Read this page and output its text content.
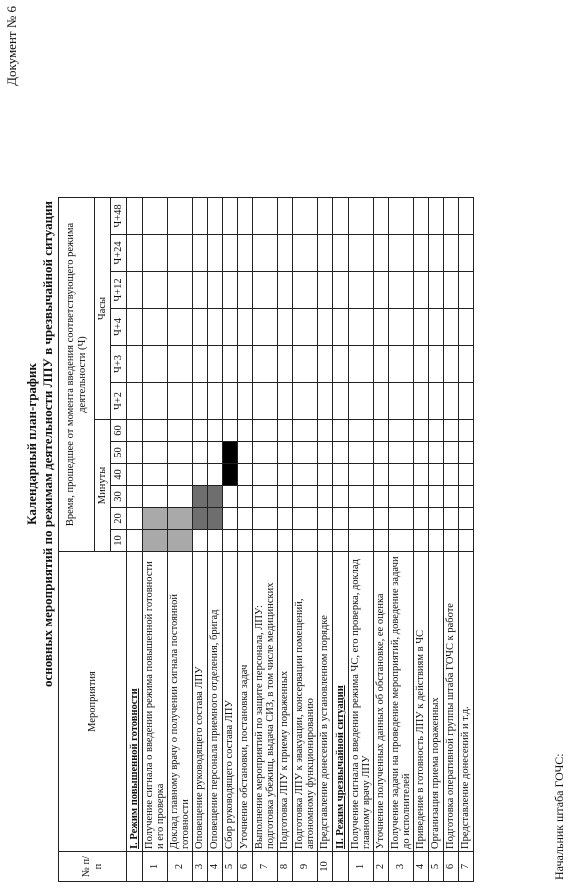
Документ № 6
Календарный план-график основных мероприятий по режимам деятельности ЛПУ в чрезвычайной ситуации
№ п/п	Мероприятия	Время, прошедшее от момента введения соответствующего режима деятельности (Ч)											
		Минуты						Часы					
		10	20	30	40	50	60	Ч+2	Ч+3	Ч+4	Ч+12	Ч+24	Ч+48
	I. Режим повышенной готовности												
1	Получение сигнала о введении режима повышенной готовности и его проверка												
2	Доклад главному врачу о получении сигнала постоянной готовности												
3	Оповещение руководящего состава ЛПУ												
4	Оповещение персонала приемного отделения, бригад												
5	Сбор руководящего состава ЛПУ												
6	Уточнение обстановки, постановка задач												
7	Выполнение мероприятий по защите персонала, ЛПУ: подготовка убежищ, выдача СИЗ, в том числе медицинских												
8	Подготовка ЛПУ к приему пораженных												
9	Подготовка ЛПУ к эвакуации, консервации помещений, автономному функционированию												
10	Представление донесений в установленном порядке												
	II. Режим чрезвычайной ситуации												
1	Получение сигнала о введении режима ЧС, его проверка, доклад главному врачу ЛПУ												
2	Уточнение полученных данных об обстановке, ее оценка												
3	Получение задачи на проведение мероприятий, доведение задачи до исполнителей												
4	Приведение в готовность ЛПУ к действиям в ЧС												
5	Организация приема пораженных												
6	Подготовка оперативной группы штаба ГОЧС к работе												
7	Представление донесений и т.д.													Начальник штаба ГОЧС:
